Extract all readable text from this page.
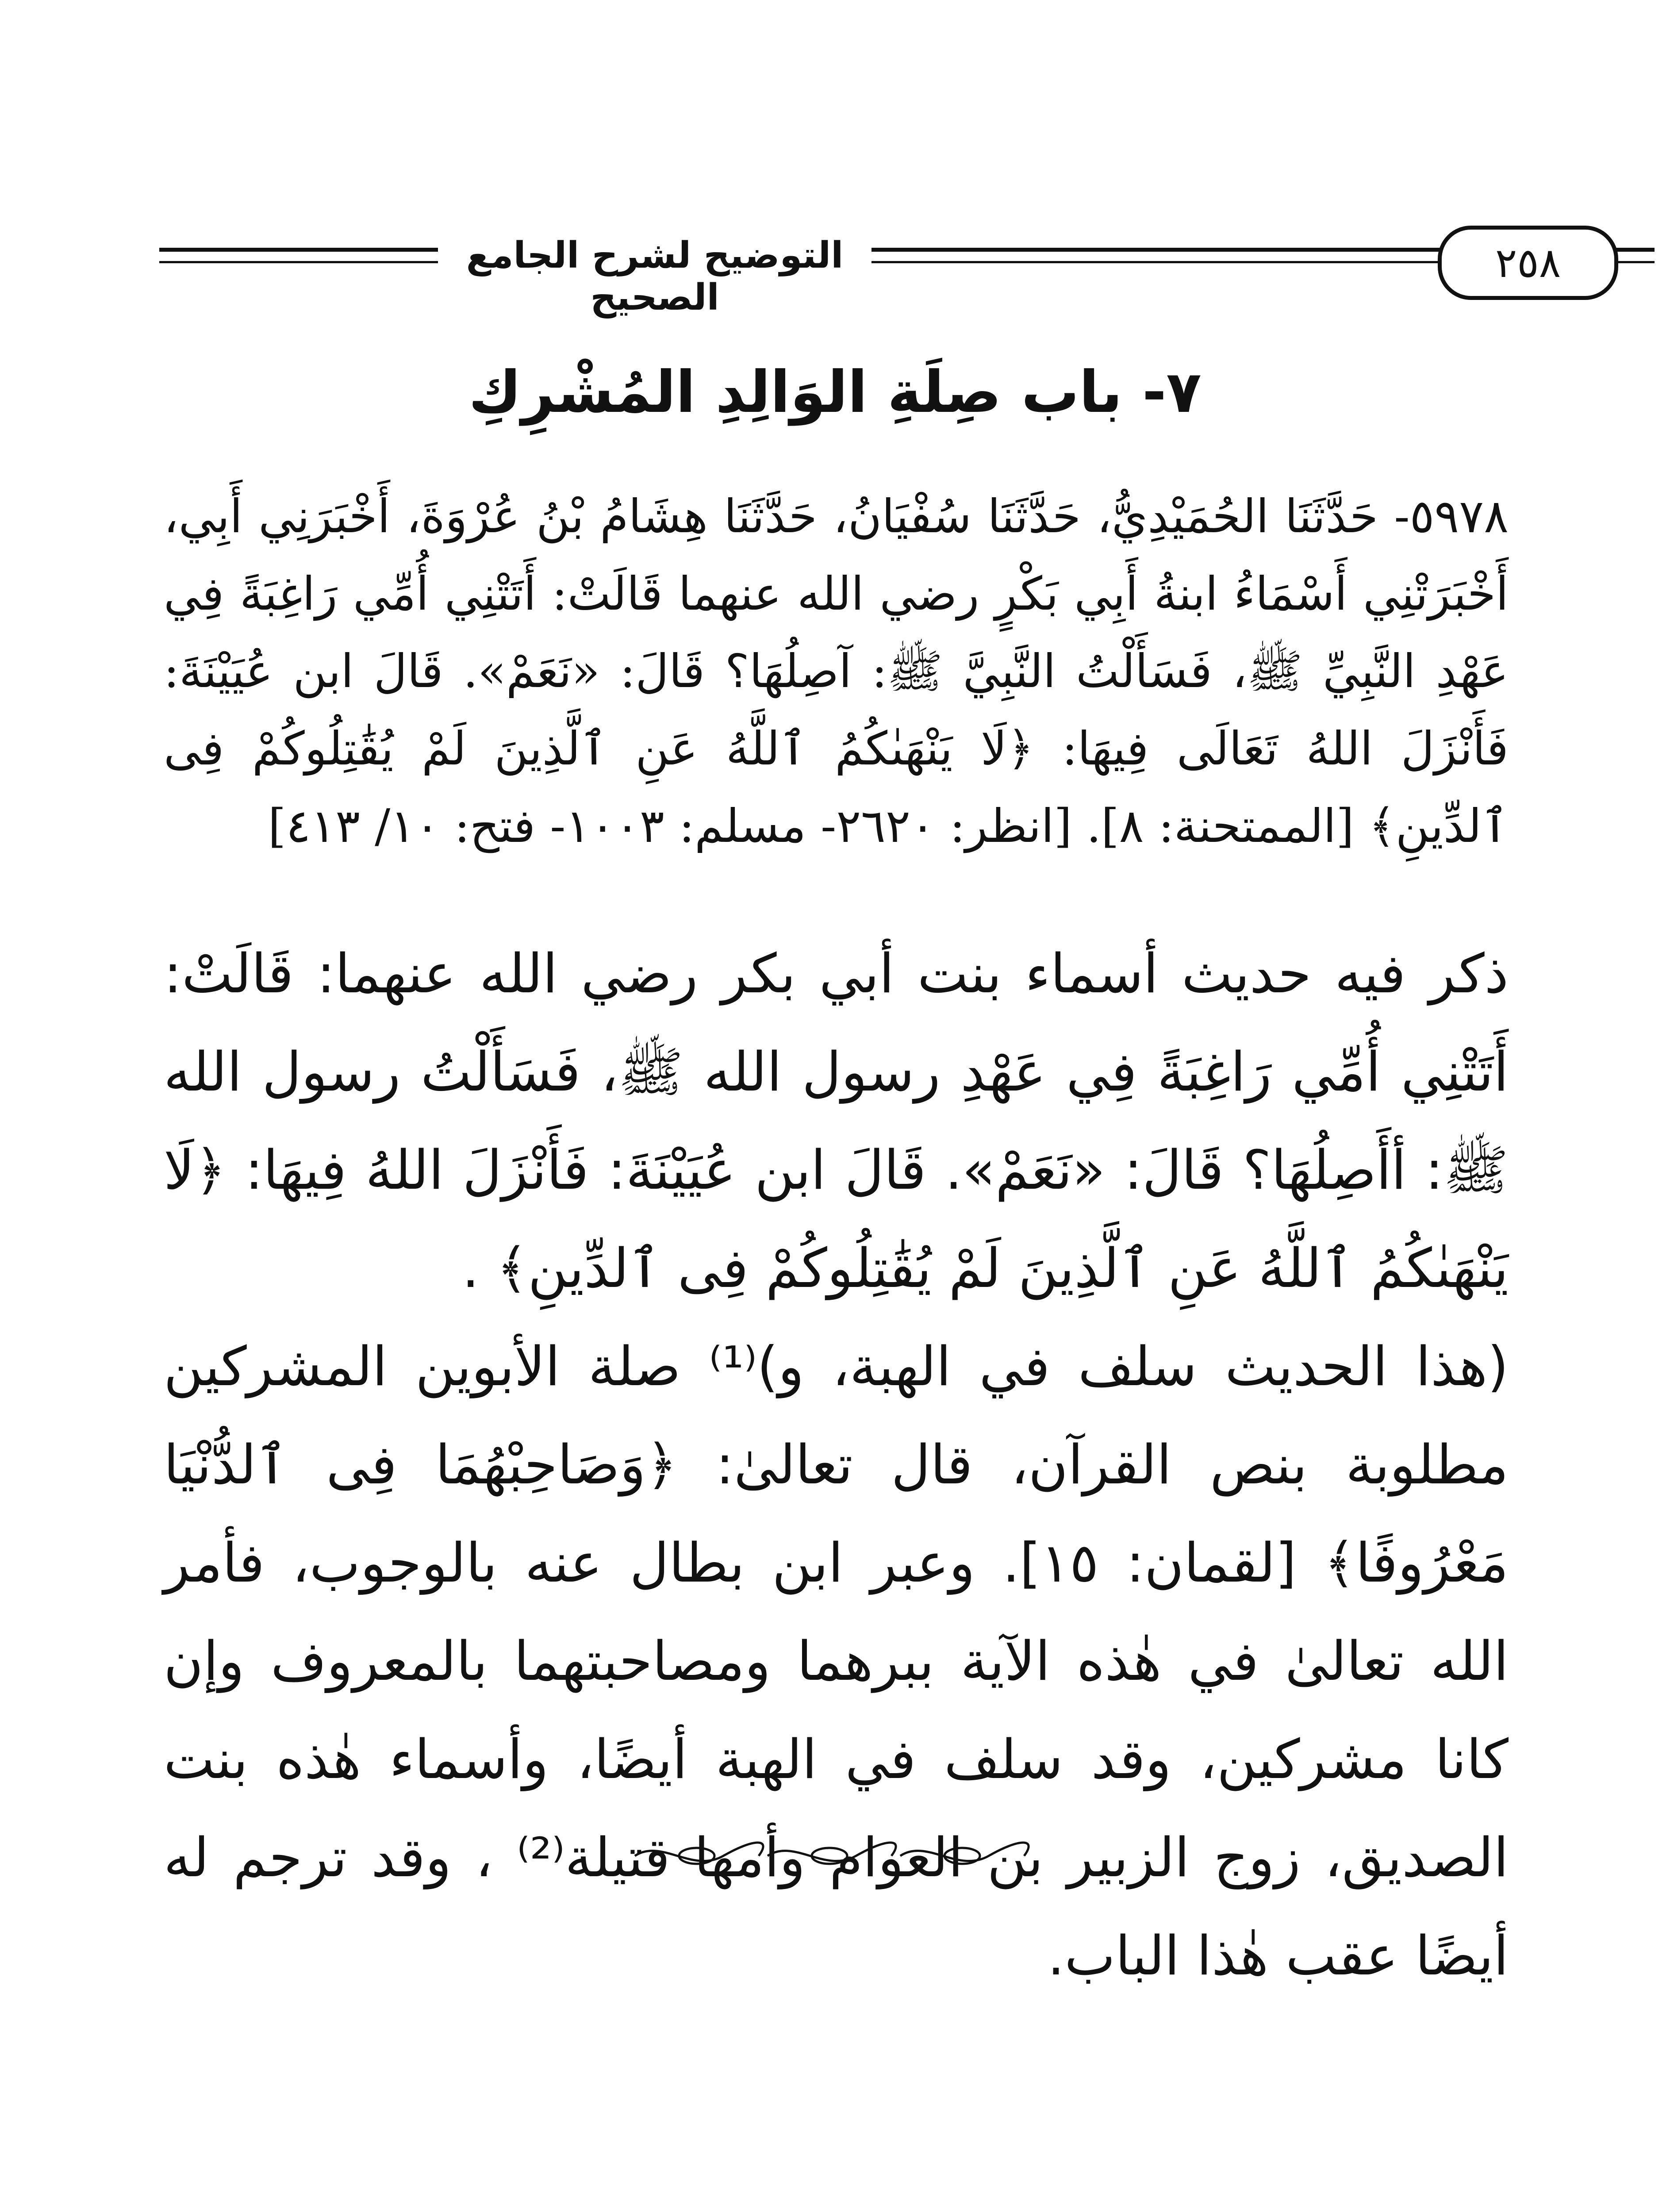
التوضيح لشرح الجامع الصحيح
٢٥٨
٧- باب صِلَةِ الوَالِدِ المُشْرِكِ

٥٩٧٨- حَدَّثَنَا الحُمَيْدِيُّ، حَدَّثَنَا سُفْيَانُ، حَدَّثَنَا هِشَامُ بْنُ عُرْوَةَ، أَخْبَرَنِي أَبِي، أَخْبَرَتْنِي أَسْمَاءُ ابنةُ أَبِي بَكْرٍ رضي الله عنهما قَالَتْ: أَتَتْنِي أُمِّي رَاغِبَةً فِي عَهْدِ النَّبِيِّ ﷺ، فَسَأَلْتُ النَّبِيَّ ﷺ: آصِلُهَا؟ قَالَ: «نَعَمْ». قَالَ ابن عُيَيْنَةَ: فَأَنْزَلَ اللهُ تَعَالَى فِيهَا: ﴿لَا يَنْهَىٰكُمُ ٱللَّهُ عَنِ ٱلَّذِينَ لَمْ يُقَٰتِلُوكُمْ فِى ٱلدِّينِ﴾ [الممتحنة: ٨]. [انظر: ٢٦٢٠- مسلم: ١٠٠٣- فتح: ١٠/ ٤١٣]

ذكر فيه حديث أسماء بنت أبي بكر رضي الله عنهما: قَالَتْ: أَتَتْنِي أُمِّي رَاغِبَةً فِي عَهْدِ رسول الله ﷺ، فَسَأَلْتُ رسول الله ﷺ: أأَصِلُهَا؟ قَالَ: «نَعَمْ». قَالَ ابن عُيَيْنَةَ: فَأَنْزَلَ اللهُ فِيهَا: ﴿لَا يَنْهَىٰكُمُ ٱللَّهُ عَنِ ٱلَّذِينَ لَمْ يُقَٰتِلُوكُمْ فِى ٱلدِّينِ﴾ .

(هذا الحديث سلف في الهبة، و)⁽¹⁾ صلة الأبوين المشركين مطلوبة بنص القرآن، قال تعالىٰ: ﴿وَصَاحِبْهُمَا فِى ٱلدُّنْيَا مَعْرُوفًا﴾ [لقمان: ١٥]. وعبر ابن بطال عنه بالوجوب، فأمر الله تعالىٰ في هٰذه الآية ببرهما ومصاحبتهما بالمعروف وإن كانا مشركين، وقد سلف في الهبة أيضًا، وأسماء هٰذه بنت الصديق، زوج الزبير بن العوام وأمها قتيلة⁽²⁾ ، وقد ترجم له أيضًا عقب هٰذا الباب.
